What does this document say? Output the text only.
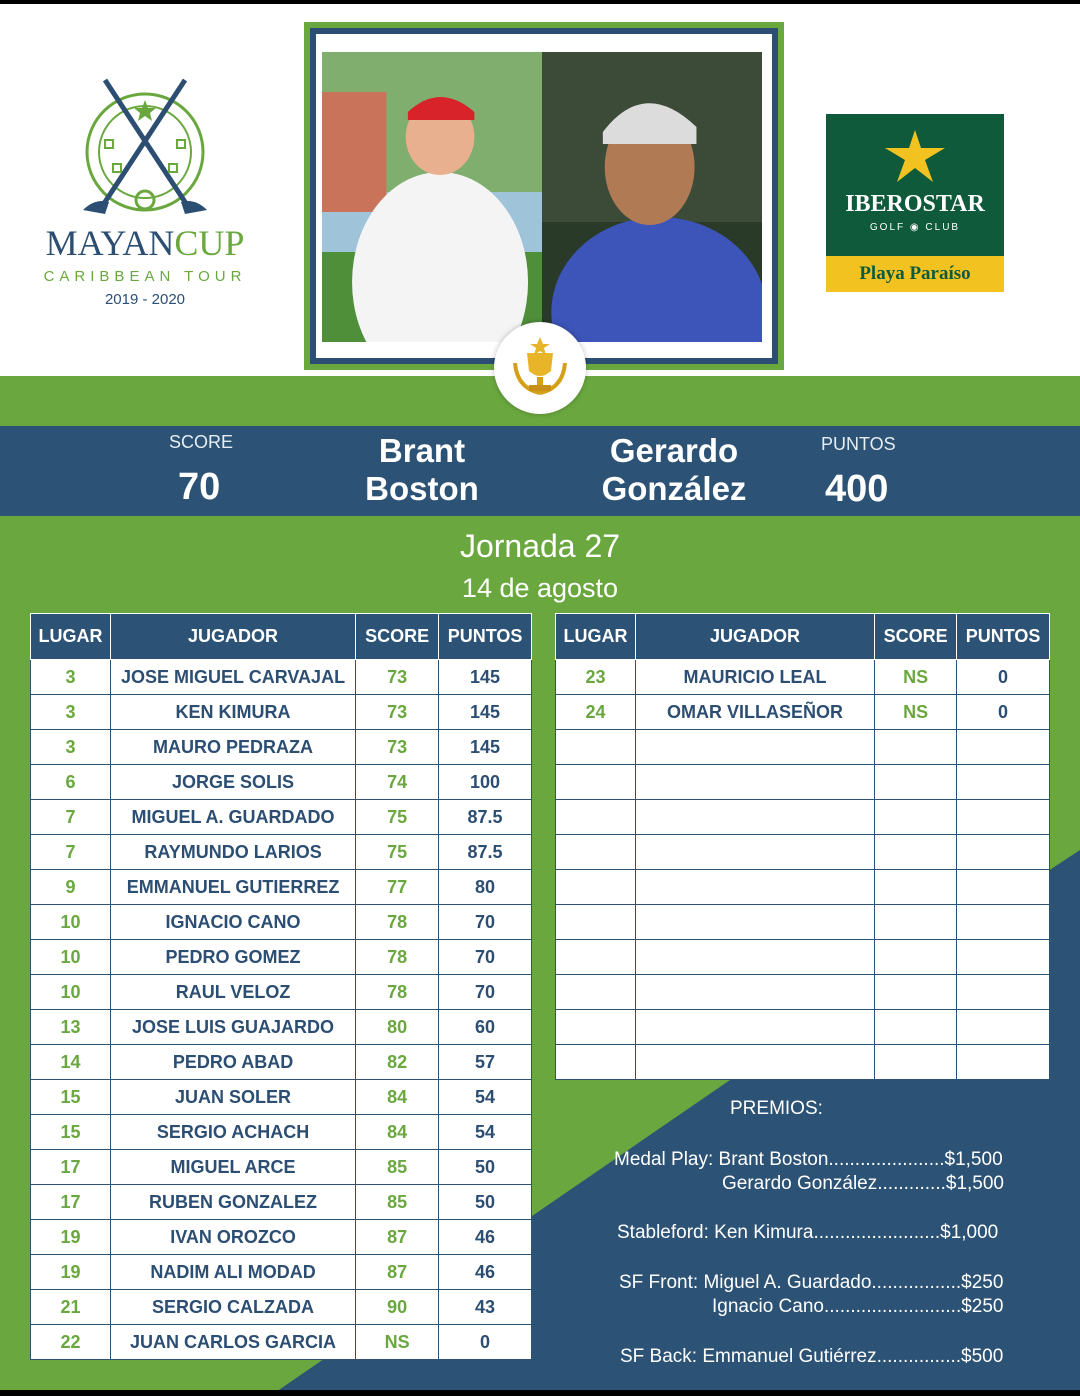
MAYANCUP
CARIBBEAN TOUR
2019 - 2020
IBEROSTAR
GOLF ◉ CLUB
Playa Paraíso
SCORE
70
Brant
Boston
Gerardo
González
PUNTOS
400
Jornada 27
14 de agosto
LUGAR	JUGADOR	SCORE	PUNTOS
3	JOSE MIGUEL CARVAJAL	73	145
3	KEN KIMURA	73	145
3	MAURO PEDRAZA	73	145
6	JORGE SOLIS	74	100
7	MIGUEL A. GUARDADO	75	87.5
7	RAYMUNDO LARIOS	75	87.5
9	EMMANUEL GUTIERREZ	77	80
10	IGNACIO CANO	78	70
10	PEDRO GOMEZ	78	70
10	RAUL VELOZ	78	70
13	JOSE LUIS GUAJARDO	80	60
14	PEDRO ABAD	82	57
15	JUAN SOLER	84	54
15	SERGIO ACHACH	84	54
17	MIGUEL ARCE	85	50
17	RUBEN GONZALEZ	85	50
19	IVAN OROZCO	87	46
19	NADIM ALI MODAD	87	46
21	SERGIO CALZADA	90	43
22	JUAN CARLOS GARCIA	NS	0
LUGAR	JUGADOR	SCORE	PUNTOS
23	MAURICIO LEAL	NS	0
24	OMAR VILLASEÑOR	NS	0

PREMIOS:
Medal Play: Brant Boston......................$1,500
Gerardo González.............$1,500
Stableford: Ken Kimura........................$1,000
SF Front: Miguel A. Guardado.................$250
Ignacio Cano..........................$250
SF Back: Emmanuel Gutiérrez................$500
